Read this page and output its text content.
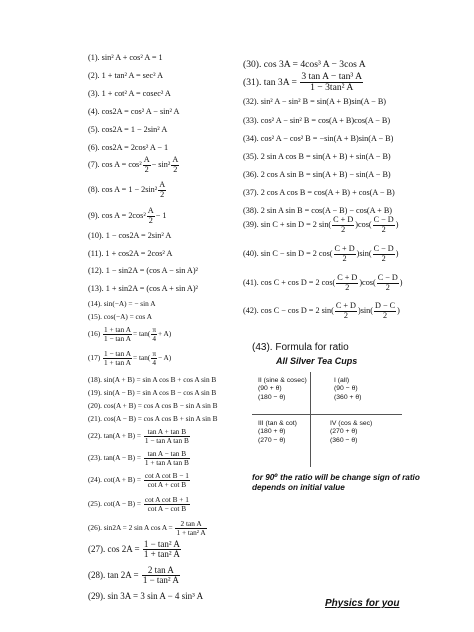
(1). sin² A + cos² A = 1
(2). 1 + tan² A = sec² A
(3). 1 + cot² A = cosec² A
(4). cos2A = cos² A − sin² A
(5). cos2A = 1 − 2sin² A
(6). cos2A = 2cos² A − 1
(7). $\cos A = \cos^2 \frac{A}{2} - \sin^2 \frac{A}{2}$
(8). $\cos A = 1 - 2\sin^2 \frac{A}{2}$
(9). $\cos A = 2\cos^2 \frac{A}{2} - 1$
(10). 1 − cos2A = 2sin² A
(11). 1 + cos2A = 2cos² A
(12). 1 − sin2A = (cos A − sin A)²
(13). 1 + sin2A = (cos A + sin A)²
(14). sin(−A) = − sin A
(15). cos(−A) = cos A
$(16) \frac{\text{1 + tan A}}{\text{1 − tan A}} = \tan( \frac{\pi}{4} + A)$
$(17) \frac{\text{1 − tan A}}{\text{1 + tan A}} = \tan( \frac{\pi}{4} - A)$
(18). sin(A + B) = sin A cos B + cos A sin B
(19). sin(A − B) = sin A cos B − cos A sin B
(20). cos(A + B) = cos A cos B − sin A sin B
(21). cos(A − B) = cos A cos B + sin A sin B
(22). $\tan(A + B) = \frac{\text{tan A + tan B}}{\text{1 − tan A tan B}}$
(23). $\tan(A - B) = \frac{\text{tan A − tan B}}{\text{1 + tan A tan B}}$
(24). $\cot(A + B) = \frac{\text{cot A cot B − 1}}{\text{cot A + cot B}}$
(25). $\cot(A - B) = \frac{\text{cot A cot B + 1}}{\text{cot A − cot B}}$
(26). sin2A = 2 sin A $\cos A = \frac{\text{2 tan A}}{\text{1 + tan² A}}$
(27). $\cos 2A = \frac{\text{1 − tan² A}}{\text{1 + tan² A}}$
(28). $\tan 2A = \frac{\text{2 tan A}}{\text{1 − tan² A}}$
(29). sin 3A = 3 sin A − 4 sin³ A
(30). cos 3A = 4cos³ A − 3cos A
(31). $\tan 3A = \frac{\text{3 tan A − tan³ A}}{\text{1 − 3tan² A}}$
(32). sin² A − sin² B = sin(A + B)sin(A − B)
(33). cos² A − sin² B = cos(A + B)cos(A − B)
(34). cos² A − cos² B = −sin(A + B)sin(A − B)
(35). 2 sin A cos B = sin(A + B) + sin(A − B)
(36). 2 cos A sin B = sin(A + B) − sin(A − B)
(37). 2 cos A cos B = cos(A + B) + cos(A − B)
(38). 2 sin A sin B = cos(A − B) − cos(A + B)
(39). sin C + sin D = 2 $\sin( \frac{C + D}{2} )\cos( \frac{C - D}{2}$ )
(40). sin C − sin D = 2 $\cos( \frac{C + D}{2} )\sin( \frac{C - D}{2}$ )
(41). cos C + cos D = 2 $\cos( \frac{C + D}{2} )\cos( \frac{C - D}{2}$ )
(42). cos C − cos D = 2 $\sin( \frac{C + D}{2} )\sin( \frac{D - C}{2}$ )
(43). Formula for ratio
All Silver Tea Cups
II (sine & cosec)
(90 + θ)
(180 − θ)
I (all)
(90 − θ)
(360 + θ)
III (tan & cot)
(180 + θ)
(270 − θ)
IV (cos & sec)
(270 + θ)
(360 − θ)
for 90⁰ the ratio will be change sign of ratio depends on initial value
Physics for you
